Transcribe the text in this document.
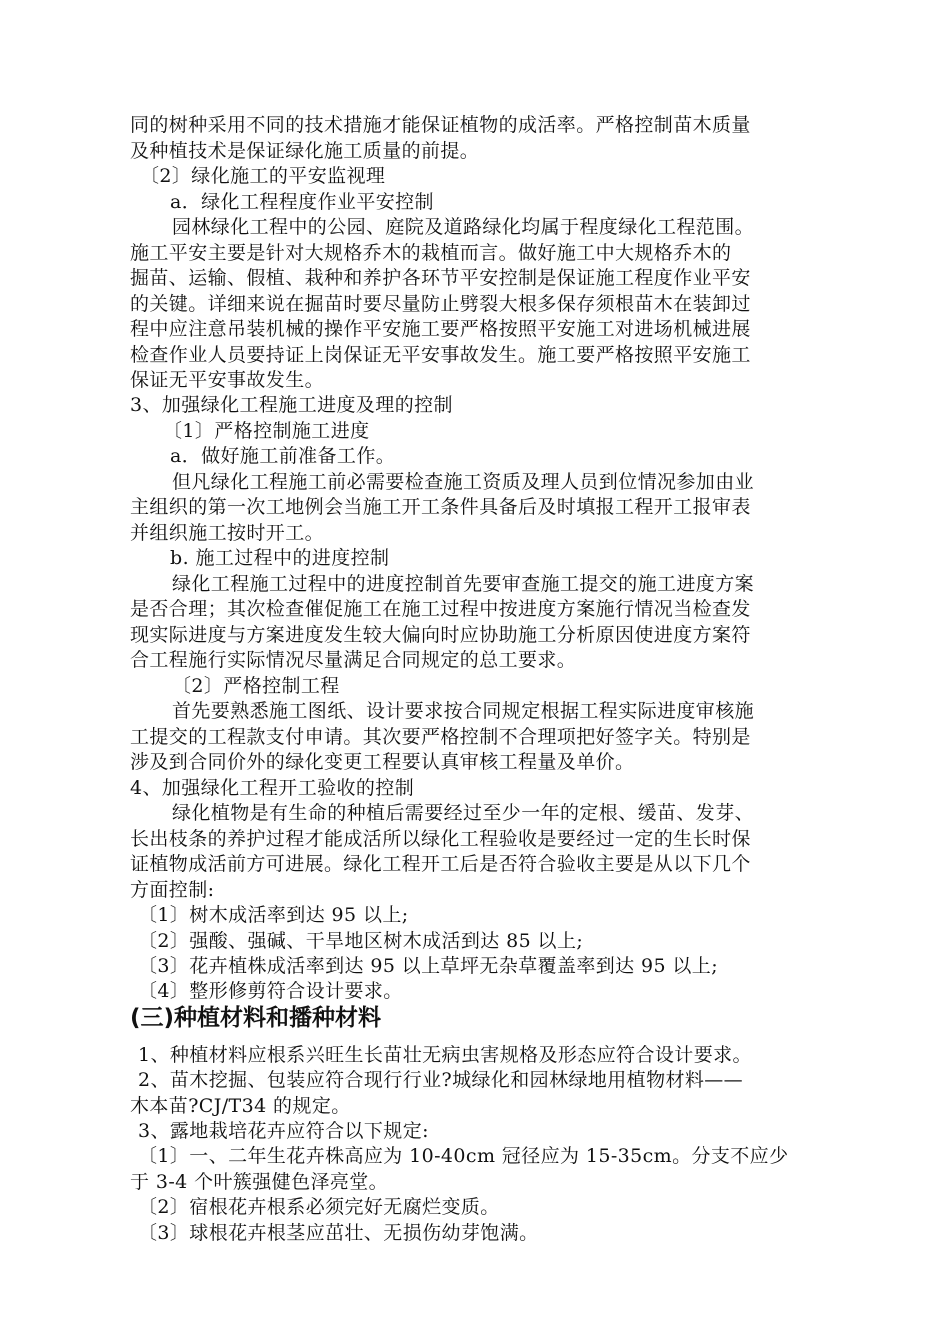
同的树种采用不同的技术措施才能保证植物的成活率。严格控制苗木质量
及种植技术是保证绿化施工质量的前提。
〔2〕绿化施工的平安监视理
a．绿化工程程度作业平安控制
园林绿化工程中的公园、庭院及道路绿化均属于程度绿化工程范围。
施工平安主要是针对大规格乔木的栽植而言。做好施工中大规格乔木的
掘苗、运输、假植、栽种和养护各环节平安控制是保证施工程度作业平安
的关键。详细来说在掘苗时要尽量防止劈裂大根多保存须根苗木在装卸过
程中应注意吊装机械的操作平安施工要严格按照平安施工对进场机械进展
检查作业人员要持证上岗保证无平安事故发生。施工要严格按照平安施工
保证无平安事故发生。
3、加强绿化工程施工进度及理的控制
〔1〕严格控制施工进度
a．做好施工前准备工作。
但凡绿化工程施工前必需要检查施工资质及理人员到位情况参加由业
主组织的第一次工地例会当施工开工条件具备后及时填报工程开工报审表
并组织施工按时开工。
b. 施工过程中的进度控制
绿化工程施工过程中的进度控制首先要审查施工提交的施工进度方案
是否合理；其次检查催促施工在施工过程中按进度方案施行情况当检查发
现实际进度与方案进度发生较大偏向时应协助施工分析原因使进度方案符
合工程施行实际情况尽量满足合同规定的总工要求。
〔2〕严格控制工程
首先要熟悉施工图纸、设计要求按合同规定根据工程实际进度审核施
工提交的工程款支付申请。其次要严格控制不合理项把好签字关。特别是
涉及到合同价外的绿化变更工程要认真审核工程量及单价。
4、加强绿化工程开工验收的控制
绿化植物是有生命的种植后需要经过至少一年的定根、缓苗、发芽、
长出枝条的养护过程才能成活所以绿化工程验收是要经过一定的生长时保
证植物成活前方可进展。绿化工程开工后是否符合验收主要是从以下几个
方面控制:
〔1〕树木成活率到达 95 以上;
〔2〕强酸、强碱、干旱地区树木成活到达 85 以上;
〔3〕花卉植株成活率到达 95 以上草坪无杂草覆盖率到达 95 以上;
〔4〕整形修剪符合设计要求。
(三)种植材料和播种材料
1、种植材料应根系兴旺生长苗壮无病虫害规格及形态应符合设计要求。
2、苗木挖掘、包装应符合现行行业?城绿化和园林绿地用植物材料——
木本苗?CJ/T34 的规定。
3、露地栽培花卉应符合以下规定:
〔1〕一、二年生花卉株高应为 10-40cm 冠径应为 15-35cm。分支不应少
于 3-4 个叶簇强健色泽亮堂。
〔2〕宿根花卉根系必须完好无腐烂变质。
〔3〕球根花卉根茎应茁壮、无损伤幼芽饱满。
